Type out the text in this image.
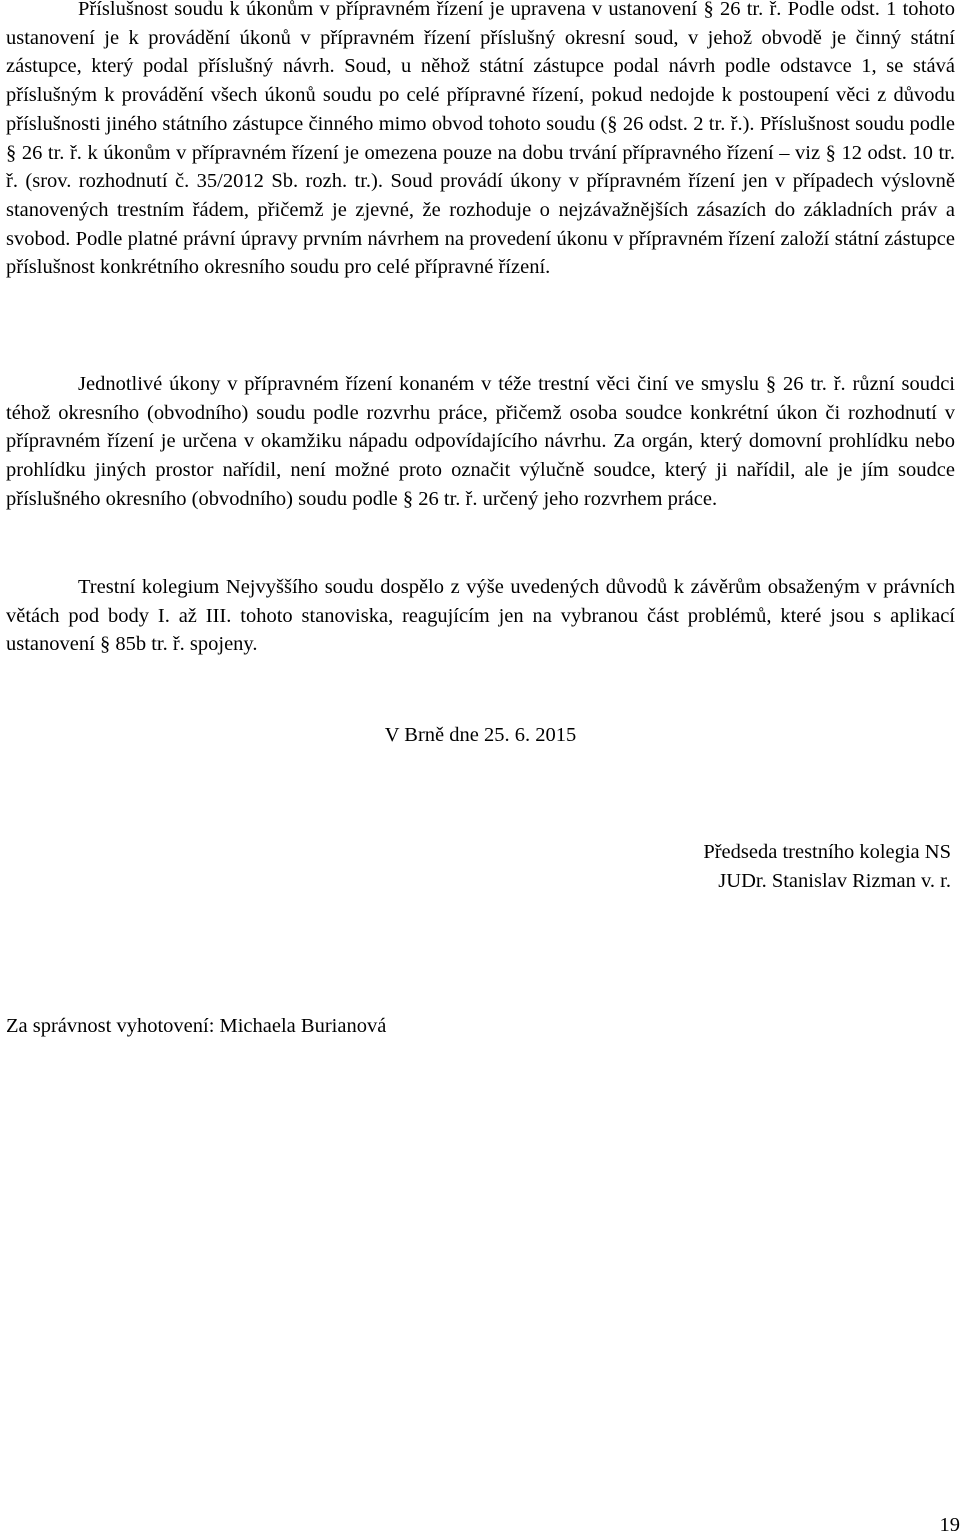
Příslušnost soudu k úkonům v přípravném řízení je upravena v ustanovení § 26 tr. ř. Podle odst. 1 tohoto ustanovení je k provádění úkonů v přípravném řízení příslušný okresní soud, v jehož obvodě je činný státní zástupce, který podal příslušný návrh. Soud, u něhož státní zástupce podal návrh podle odstavce 1, se stává příslušným k provádění všech úkonů soudu po celé přípravné řízení, pokud nedojde k postoupení věci z důvodu příslušnosti jiného státního zástupce činného mimo obvod tohoto soudu (§ 26 odst. 2 tr. ř.). Příslušnost soudu podle § 26 tr. ř. k úkonům v přípravném řízení je omezena pouze na dobu trvání přípravného řízení – viz § 12 odst. 10 tr. ř. (srov. rozhodnutí č. 35/2012 Sb. rozh. tr.). Soud provádí úkony v přípravném řízení jen v případech výslovně stanovených trestním řádem, přičemž je zjevné, že rozhoduje o nejzávažnějších zásazích do základních práv a svobod. Podle platné právní úpravy prvním návrhem na provedení úkonu v přípravném řízení založí státní zástupce příslušnost konkrétního okresního soudu pro celé přípravné řízení.

Jednotlivé úkony v přípravném řízení konaném v téže trestní věci činí ve smyslu § 26 tr. ř. různí soudci téhož okresního (obvodního) soudu podle rozvrhu práce, přičemž osoba soudce konkrétní úkon či rozhodnutí v přípravném řízení je určena v okamžiku nápadu odpovídajícího návrhu. Za orgán, který domovní prohlídku nebo prohlídku jiných prostor nařídil, není možné proto označit výlučně soudce, který ji nařídil, ale je jím soudce příslušného okresního (obvodního) soudu podle § 26 tr. ř. určený jeho rozvrhem práce.

Trestní kolegium Nejvyššího soudu dospělo z výše uvedených důvodů k závěrům obsaženým v právních větách pod body I. až III. tohoto stanoviska, reagujícím jen na vybranou část problémů, které jsou s aplikací ustanovení § 85b tr. ř. spojeny.

V Brně dne 25. 6. 2015
Předseda trestního kolegia NS
JUDr. Stanislav Rizman v. r.
Za správnost vyhotovení: Michaela Burianová
19
